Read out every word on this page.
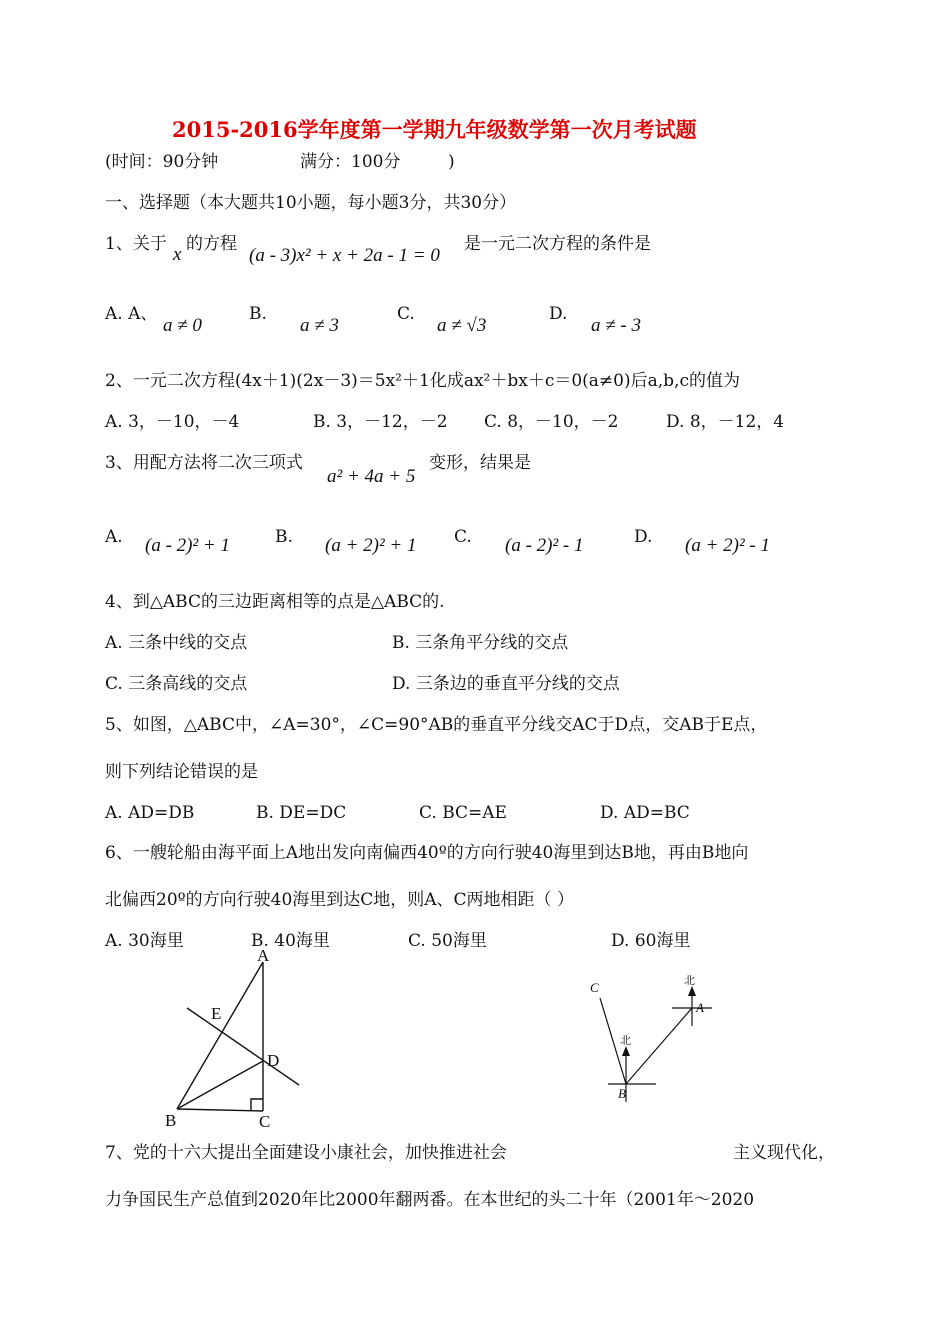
2015-2016学年度第一学期九年级数学第一次月考试题
(时间：90分钟	满分：100分	)
一、选择题（本大题共10小题，每小题3分，共30分）
1、关于 x 的方程
(a - 3)x² + x + 2a - 1 = 0
是一元二次方程的条件是
A. A、
a ≠ 0
B.
a ≠ 3
C.
a ≠ √3
D.
a ≠ - 3
2、一元二次方程(4x＋1)(2x－3)＝5x²＋1化成ax²＋bx＋c＝0(a≠0)后a,b,c的值为
A. 3，－10，－4	B. 3，－12，－2 C. 8，－10，－2	D. 8，－12，4
3、用配方法将二次三项式
a² + 4a + 5
变形，结果是
A. (a - 2)² + 1	B. (a + 2)² + 1 C. (a - 2)² - 1	D. (a + 2)² - 1
4、到△ABC的三边距离相等的点是△ABC的.
A. 三条中线的交点	B. 三条角平分线的交点
C. 三条高线的交点	D. 三条边的垂直平分线的交点
5、如图，△ABC中，∠A=30°，∠C=90°AB的垂直平分线交AC于D点，交AB于E点，
则下列结论错误的是
A. AD=DB	B. DE=DC	C. BC=AE	D. AD=BC
6、一艘轮船由海平面上A地出发向南偏西40º的方向行驶40海里到达B地，再由B地向
北偏西20º的方向行驶40海里到达C地，则A、C两地相距（ ）
A. 30海里	B. 40海里	C. 50海里	D. 60海里
A
E
D
B	C
C	北
A
北
B
7、党的十六大提出全面建设小康社会，加快推进社会	主义现代化，
力争国民生产总值到2020年比2000年翻两番。在本世纪的头二十年（2001年～2020
